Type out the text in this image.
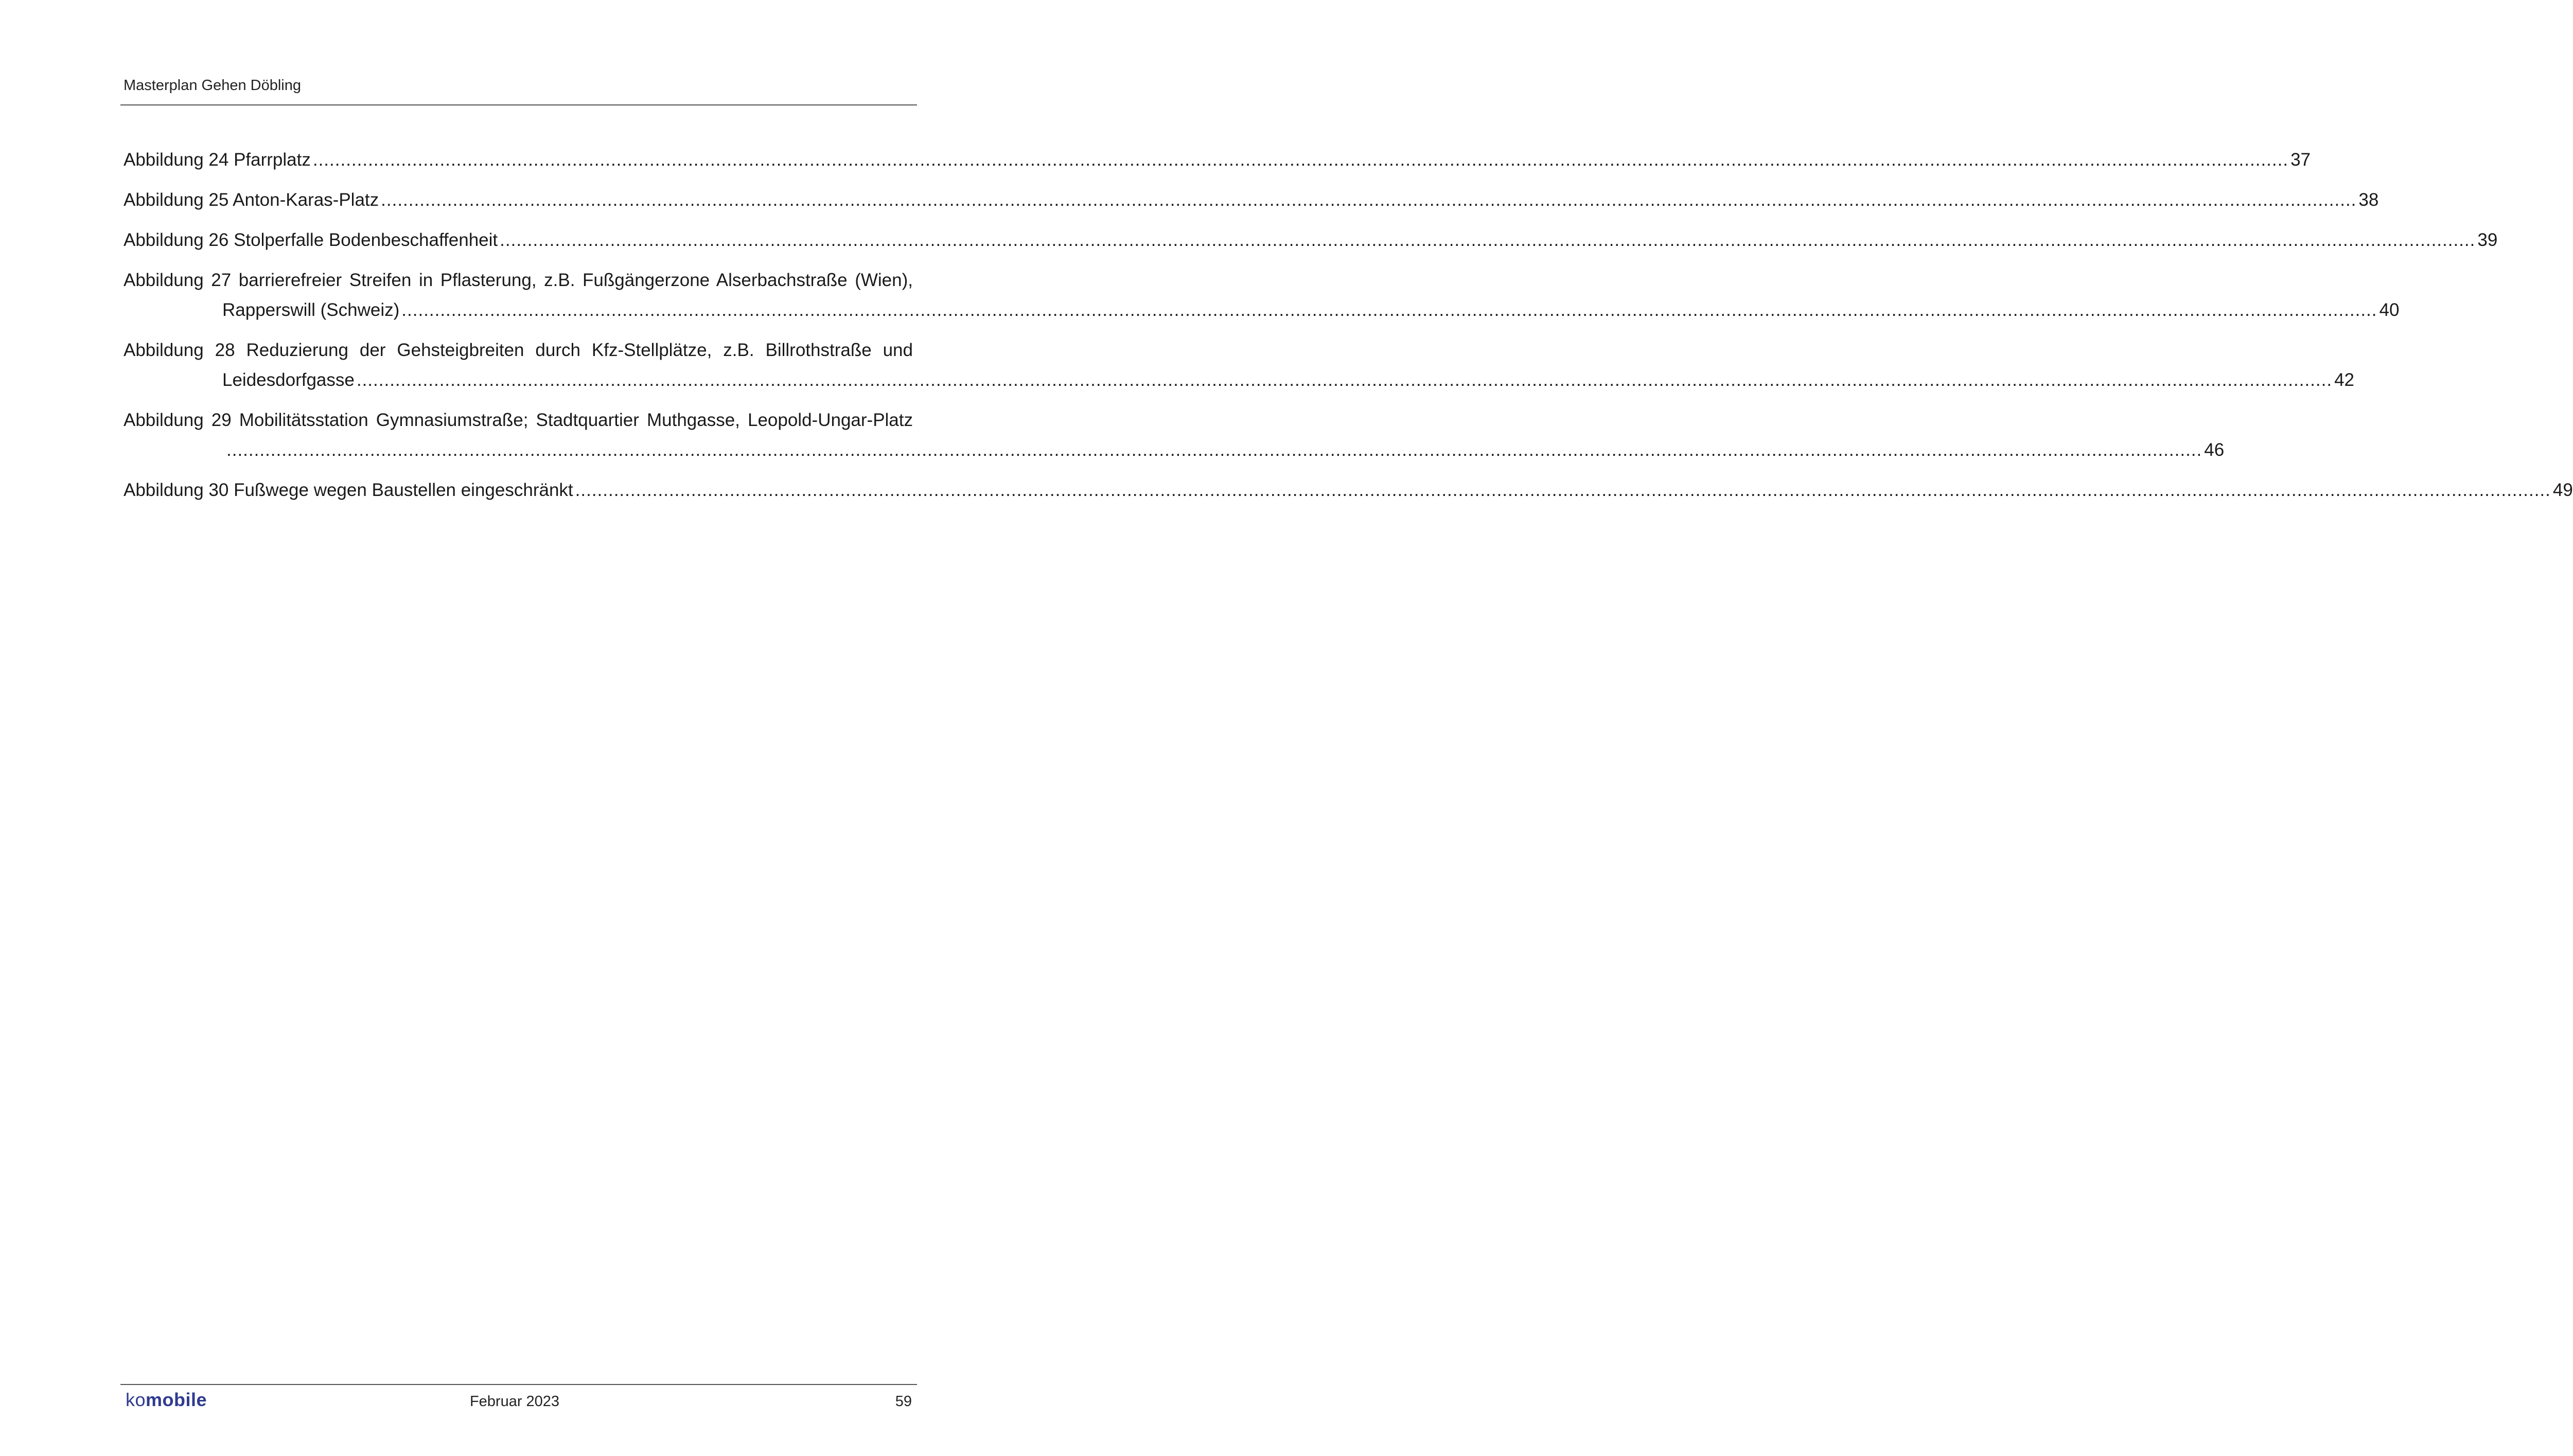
Masterplan Gehen Döbling
Abbildung 24 Pfarrplatz ...................................................................................................................................................................................................................................................................................................................................................................... 37
Abbildung 25 Anton-Karas-Platz ...................................................................................................................................................................................................................................................................................................................................................................... 38
Abbildung 26 Stolperfalle Bodenbeschaffenheit ...................................................................................................................................................................................................................................................................................................................................................................... 39
Abbildung 27 barrierefreier Streifen in Pflasterung, z.B. Fußgängerzone Alserbachstraße (Wien),
Rapperswill (Schweiz) ...................................................................................................................................................................................................................................................................................................................................................................... 40
Abbildung 28 Reduzierung der Gehsteigbreiten durch Kfz-Stellplätze, z.B. Billrothstraße und
Leidesdorfgasse ...................................................................................................................................................................................................................................................................................................................................................................... 42
Abbildung 29 Mobilitätsstation Gymnasiumstraße; Stadtquartier Muthgasse, Leopold-Ungar-Platz
...................................................................................................................................................................................................................................................................................................................................................................... 46
Abbildung 30 Fußwege wegen Baustellen eingeschränkt ...................................................................................................................................................................................................................................................................................................................................................................... 49
komobile	Februar 2023	59
